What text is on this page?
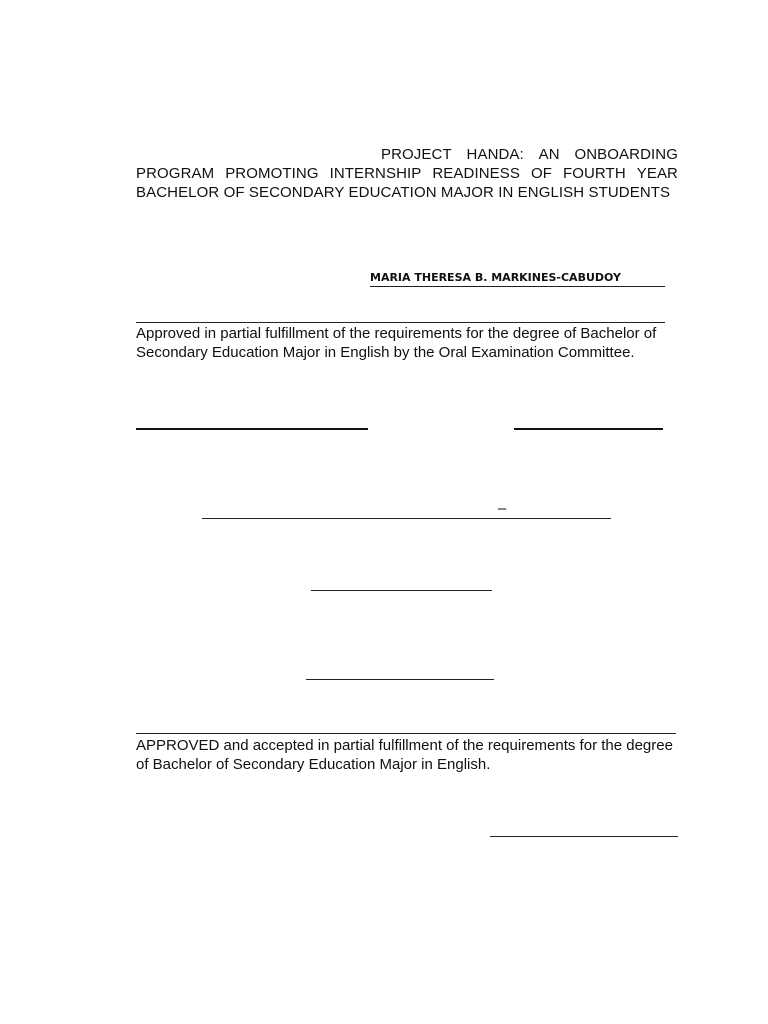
PROJECT HANDA: AN ONBOARDING
PROGRAM PROMOTING INTERNSHIP READINESS OF FOURTH YEAR
BACHELOR OF SECONDARY EDUCATION MAJOR IN ENGLISH STUDENTS
MARIA THERESA B. MARKINES-CABUDOY
Approved in partial fulfillment of the requirements for the degree of Bachelor of
Secondary Education Major in English by the Oral Examination Committee.
–
APPROVED and accepted in partial fulfillment of the requirements for the degree
of Bachelor of Secondary Education Major in English.
